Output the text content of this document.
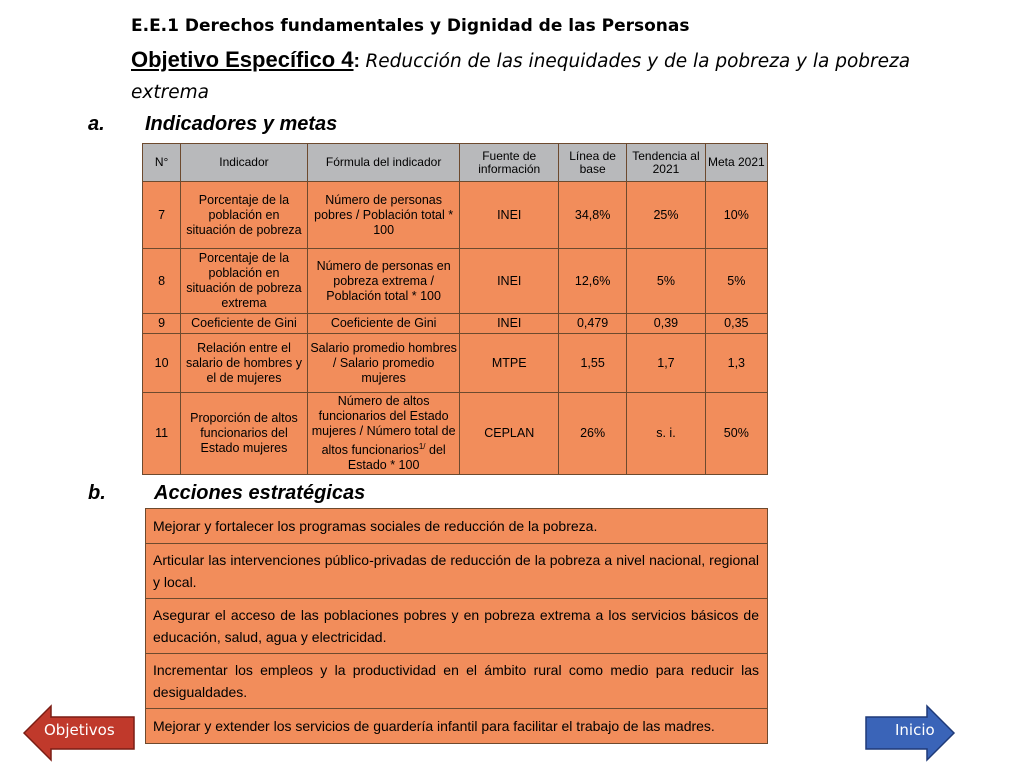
E.E.1 Derechos fundamentales y Dignidad de las Personas
Objetivo Específico 4: Reducción de las inequidades y de la pobreza y la pobreza extrema
a. Indicadores y metas
N°	Indicador	Fórmula del indicador	Fuente de información	Línea de base	Tendencia al 2021	Meta 2021
7	Porcentaje de la población en situación de pobreza	Número de personas pobres / Población total * 100	INEI	34,8%	25%	10%
8	Porcentaje de la población en situación de pobreza extrema	Número de personas en pobreza extrema / Población total * 100	INEI	12,6%	5%	5%
9	Coeficiente de Gini	Coeficiente de Gini	INEI	0,479	0,39	0,35
10	Relación entre el salario de hombres y el de mujeres	Salario promedio hombres / Salario promedio mujeres	MTPE	1,55	1,7	1,3
11	Proporción de altos funcionarios del Estado mujeres	Número de altos funcionarios del Estado mujeres / Número total de altos funcionarios$^{1/}$ del Estado * 100	CEPLAN	26%	s. i.	50%
b. Acciones estratégicas
Mejorar y fortalecer los programas sociales de reducción de la pobreza.
Articular las intervenciones público-privadas de reducción de la pobreza a nivel nacional, regional y local.
Asegurar el acceso de las poblaciones pobres y en pobreza extrema a los servicios básicos de educación, salud, agua y electricidad.
Incrementar los empleos y la productividad en el ámbito rural como medio para reducir las desigualdades.
Mejorar y extender los servicios de guardería infantil para facilitar el trabajo de las madres.
Objetivos	Inicio
